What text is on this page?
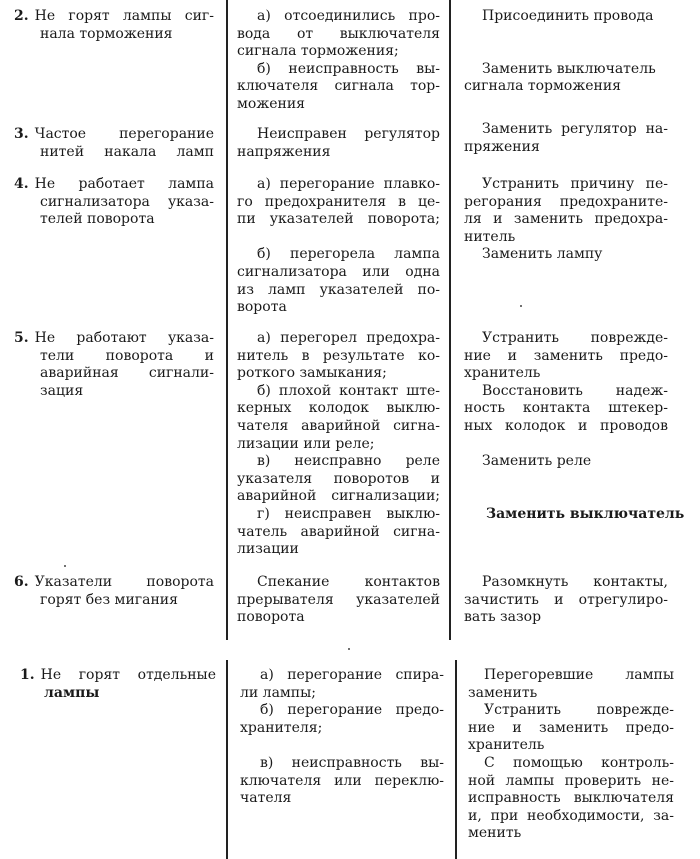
2. Не горят лампы сиг-
нала торможения
а) отсоединились про-
вода от выключателя
сигнала торможения;
б) неисправность вы-
ключателя сигнала тор-
можения
Присоединить провода

Заменить выключатель
сигнала торможения
3. Частое перегорание
нитей накала ламп
Неисправен регулятор
напряжения
Заменить регулятор на-
пряжения
4. Не работает лампа
сигнализатора указа-
телей поворота
а) перегорание плавко-
го предохранителя в це-
пи указателей поворота;

б) перегорела лампа
сигнализатора или одна
из ламп указателей по-
ворота
Устранить причину пе-
регорания предохраните-
ля и заменить предохра-
нитель
Заменить лампу
5. Не работают указа-
тели поворота и
аварийная сигнали-
зация
а) перегорел предохра-
нитель в результате ко-
роткого замыкания;
б) плохой контакт ште-
керных колодок выклю-
чателя аварийной сигна-
лизации или реле;
в) неисправно реле
указателя поворотов и
аварийной сигнализации;
г) неисправен выклю-
чатель аварийной сигна-
лизации
Устранить поврежде-
ние и заменить предо-
хранитель
Восстановить надеж-
ность контакта штекер-
ных колодок и проводов

Заменить реле

Заменить выключатель
6. Указатели поворота
горят без мигания
Спекание контактов
прерывателя указателей
поворота
Разомкнуть контакты,
зачистить и отрегулиро-
вать зазор
1. Не горят отдельные
лампы
а) перегорание спира-
ли лампы;
б) перегорание предо-
хранителя;

в) неисправность вы-
ключателя или переклю-
чателя
Перегоревшие лампы
заменить
Устранить поврежде-
ние и заменить предо-
хранитель
С помощью контроль-
ной лампы проверить не-
исправность выключателя
и, при необходимости, за-
менить
